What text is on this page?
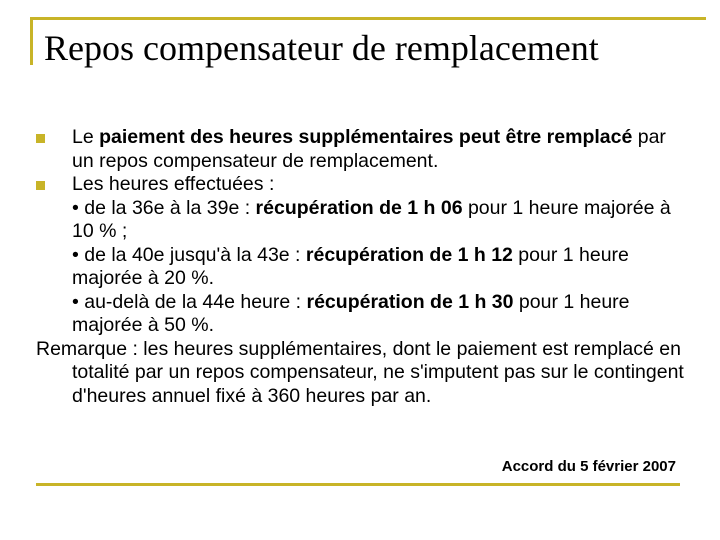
Repos compensateur de remplacement
Le paiement des heures supplémentaires peut être remplacé par un repos compensateur de remplacement.
Les heures effectuées :
• de la 36e à la 39e : récupération de 1 h 06 pour 1 heure majorée à 10 % ;
• de la 40e jusqu'à la 43e : récupération de 1 h 12 pour 1 heure majorée à 20 %.
• au-delà de la 44e heure : récupération de 1 h 30 pour 1 heure majorée à 50 %.
Remarque : les heures supplémentaires, dont le paiement est remplacé en totalité par un repos compensateur, ne s'imputent pas sur le contingent d'heures annuel fixé à 360 heures par an.
Accord du 5 février 2007
